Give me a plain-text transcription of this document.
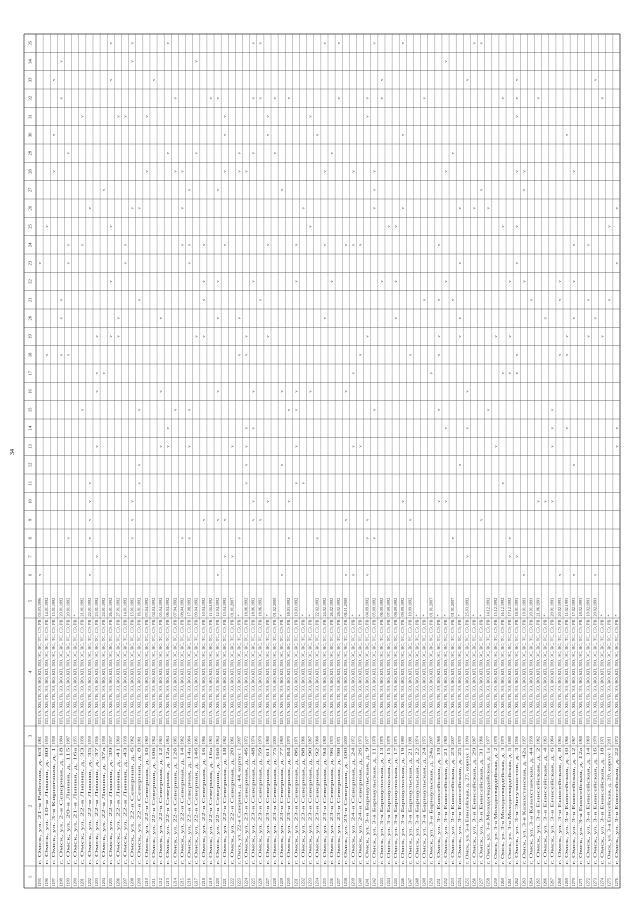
1
2
3
4
5
6
7
8
9
10
11
12
13
14
15
16
17
18
19
20
21
22
23
24
25
26
27
28
29
30
31
32
33
34
35
1195
г. Омск, ул. 21-я Рабочая, д. 63
1961
ПЛ, ГА, ХВ, ГВ, ЭЭ, ВО, КП, ПО, ЭС, ВС, ТС, СЭ, РВ
05.03.1996
1196
г. Омск, ул. 10-я Линия, д. 80
1950
ПЛ, ГА, ХВ, ГВ, ЭЭ, ВО, КП, ПО, ЭС, ВС, ТС, СЭ, РВ
14.01.1992
1197
г. Омск, ул. 3-я Кирпичная, д. 1
1958
ПЛ, ГА, ХВ, ГВ, ЭЭ, ВО, КП, ПО, ЭС, ВС, ТС, СЭ, РВ
15.01.1992
1198
г. Омск, ул. 2-я Северная, д. 18
1984
ПЛ, ГА, ХВ, ГВ, ЭЭ, ВО, КП, ПО, ЭС, ВС, ТС, СЭ, РВ
20.01.1992
1199
г. Омск, ул. 20-я Линия, д. 115
1987
ПЛ, ГА, ХВ, ГВ, ЭЭ, ВО, КП, ПО, ЭС, ВС, ТС, СЭ, РВ
20.01.1992
1200
г. Омск, ул. 21-я Линия, д. 16а
1955
ПЛ, ГА, ХВ, ГВ, ЭЭ, ВО, КП, ПО, ЭС, ВС, ТС, СЭ, РВ
*
1201
г. Омск, ул. 22-я Линия, д. 33
1958
ПЛ, ГА, ХВ, ГВ, ЭЭ, ВО, КП, ПО, ЭС, ВС, ТС, СЭ, РВ
21.01.1992
1202
г. Омск, ул. 22-я Линия, д. 35
1959
ПЛ, ГА, ХВ, ГВ, ЭЭ, ВО, КП, ПО, ЭС, ВС, ТС, СЭ, РВ
22.01.1992
1203
г. Омск, ул. 22-я Линия, д. 37
1956
ПЛ, ГА, ХВ, ГВ, ЭЭ, ВО, КП, ПО, ЭС, ВС, ТС, СЭ, РВ
23.01.1992
1204
г. Омск, ул. 22-я Линия, д. 37а
1958
ПЛ, ГА, ХВ, ГВ, ЭЭ, ВО, КП, ПО, ЭС, ВС, ТС, СЭ, РВ
24.01.1992
1205
г. Омск, ул. 22-я Линия, д. 39
1957
ПЛ, ГА, ХВ, ГВ, ЭЭ, ВО, КП, ПО, ЭС, ВС, ТС, СЭ, РВ
26.01.1992
1206
г. Омск, ул. 22-я Линия, д. 41
1960
ПЛ, ГА, ХВ, ГВ, ЭЭ, ВО, КП, ПО, ЭС, ВС, ТС, СЭ, РВ
27.01.1992
1207
г. Омск, ул. 22-я Линия, д. 43
1958
ПЛ, ГА, ХВ, ГВ, ЭЭ, ВО, КП, ПО, ЭС, ВС, ТС, СЭ, РВ
14.01.1992
1208
г. Омск, ул. 22-я Северная, д. 6
1962
ПЛ, ГА, ХВ, ГВ, ЭЭ, ВО, КП, ПО, ЭС, ВС, ТС, СЭ, РВ
15.01.1992
1209
г. Омск, ул. 22-я Северная, д. 8
1961
ПЛ, ГА, ХВ, ГВ, ЭЭ, ВО, КП, ПО, ЭС, ВС, ТС, СЭ, РВ
16.01.1992
1210
г. Омск, ул. 22-я Северная, д. 10
1960
ПЛ, ГА, ХВ, ГВ, ЭЭ, ВО, КП, ПО, ЭС, ВС, ТС, СЭ, РВ
03.04.1992
1211
г. Омск, ул. 22-я Северная, д. 10б
1962
ПЛ, ГА, ХВ, ГВ, ЭЭ, ВО, КП, ПО, ЭС, ВС, ТС, СЭ, РВ
04.04.1992
1212
г. Омск, ул. 22-я Северная, д. 12
1963
ПЛ, ГА, ХВ, ГВ, ЭЭ, ВО, КП, ПО, ЭС, ВС, ТС, СЭ, РВ
05.04.1992
1213
г. Омск, ул. 22-я Северная, д. 12а
1964
ПЛ, ГА, ХВ, ГВ, ЭЭ, ВО, КП, ПО, ЭС, ВС, ТС, СЭ, РВ
06.04.1992
1214
г. Омск, ул. 22-я Северная, д. 12б
1965
ПЛ, ГА, ХВ, ГВ, ЭЭ, ВО, КП, ПО, ЭС, ВС, ТС, СЭ, РВ
07.04.1992
1215
г. Омск, ул. 22-я Северная, д. 14
1962
ПЛ, ГА, ХВ, ГВ, ЭЭ, ВО, КП, ПО, ЭС, ВС, ТС, СЭ, РВ
08.04.1992
1216
г. Омск, ул. 22-я Северная, д. 14а
1964
ПЛ, ГА, ХВ, ГВ, ЭЭ, ВО, КП, ПО, ЭС, ВС, ТС, СЭ, РВ
17.08.1992
1217
г. Омск, ул. 22-я Северная, д. 14б
1965
ПЛ, ГА, ХВ, ГВ, ЭЭ, ВО, КП, ПО, ЭС, ВС, ТС, СЭ, РВ
09.04.1992
1218
г. Омск, ул. 22-я Северная, д. 16
1966
ПЛ, ГА, ХВ, ГВ, ЭЭ, ВО, КП, ПО, ЭС, ВС, ТС, СЭ, РВ
10.04.1992
1219
г. Омск, ул. 22-я Северная, д. 16а
1963
ПЛ, ГА, ХВ, ГВ, ЭЭ, ВО, КП, ПО, ЭС, ВС, ТС, СЭ, РВ
11.04.1992
1220
г. Омск, ул. 22-я Северная, д. 16б
1964
ПЛ, ГА, ХВ, ГВ, ЭЭ, ВО, КП, ПО, ЭС, ВС, ТС, СЭ, РВ
12.04.1992
1221
г. Омск, ул. 22-я Северная, д. 18
1962
ПЛ, ГА, ХВ, ГВ, ЭЭ, ВО, КП, ПО, ЭС, ВС, ТС, СЭ, РВ
13.04.1992
1222
г. Омск, ул. 22-я Северная, д. 20
1961
ПЛ, ГА, ХВ, ГВ, ЭЭ, ВО, КП, ПО, ЭС, ВС, ТС, СЭ, РВ
01.01.2007
1223
г. Омск, ул. 22-я Северная, д. 44, корпус 1
2007
ПЛ, ГА, ХВ, ГВ, ЭЭ, ВО, КП, ПО, ЭС, ВС, ТС, СЭ, РВ
*
1224
г. Омск, ул. 23-я Северная, д. 46
1972
ПЛ, ГА, ХВ, ГВ, ЭЭ, ВО, КП, ПО, ЭС, ВС, ТС, СЭ, РВ
18.06.1992
1225
г. Омск, ул. 23-я Северная, д. 48
1974
ПЛ, ГА, ХВ, ГВ, ЭЭ, ВО, КП, ПО, ЭС, ВС, ТС, СЭ, РВ
18.06.1992
1226
г. Омск, ул. 23-я Северная, д. 59
1970
ПЛ, ГА, ХВ, ГВ, ЭЭ, ВО, КП, ПО, ЭС, ВС, ТС, СЭ, РВ
18.06.1992
1227
г. Омск, ул. 23-я Северная, д. 61
1968
ПЛ, ГА, ХВ, ГВ, ЭЭ, ВО, КП, ПО, ЭС, ВС, ТС, СЭ, РВ
*
1228
г. Омск, ул. 23-я Северная, д. 75
2000
ПЛ, ГА, ХВ, ГВ, ЭЭ, ВО, КП, ПО, ЭС, ВС, ТС, СЭ, РВ
01.02.2000
1229
г. Омск, ул. 23-я Северная, д. 77
1969
ПЛ, ГА, ХВ, ГВ, ЭЭ, ВО, КП, ПО, ЭС, ВС, ТС, СЭ, РВ
*
1230
г. Омск, ул. 23-я Северная, д. 84
1970
ПЛ, ГА, ХВ, ГВ, ЭЭ, ВО, КП, ПО, ЭС, ВС, ТС, СЭ, РВ
18.03.1992
1231
г. Омск, ул. 23-я Северная, д. 86
1971
ПЛ, ГА, ХВ, ГВ, ЭЭ, ВО, КП, ПО, ЭС, ВС, ТС, СЭ, РВ
19.03.1992
1232
г. Омск, ул. 23-я Северная, д. 88
1966
ПЛ, ГА, ХВ, ГВ, ЭЭ, ВО, КП, ПО, ЭС, ВС, ТС, СЭ, РВ
*
1233
г. Омск, ул. 23-я Северная, д. 90
1967
ПЛ, ГА, ХВ, ГВ, ЭЭ, ВО, КП, ПО, ЭС, ВС, ТС, СЭ, РВ
*
1234
г. Омск, ул. 23-я Северная, д. 92
1968
ПЛ, ГА, ХВ, ГВ, ЭЭ, ВО, КП, ПО, ЭС, ВС, ТС, СЭ, РВ
22.02.1992
1235
г. Омск, ул. 23-я Северная, д. 94
1969
ПЛ, ГА, ХВ, ГВ, ЭЭ, ВО, КП, ПО, ЭС, ВС, ТС, СЭ, РВ
24.02.1992
1236
г. Омск, ул. 23-я Северная, д. 96
1970
ПЛ, ГА, ХВ, ГВ, ЭЭ, ВО, КП, ПО, ЭС, ВС, ТС, СЭ, РВ
26.02.1992
1237
г. Омск, ул. 23-я Северная, д. 98
1971
ПЛ, ГА, ХВ, ГВ, ЭЭ, ВО, КП, ПО, ЭС, ВС, ТС, СЭ, РВ
28.02.1992
1238
г. Омск, ул. 23-я Северная, д. 100
2000
ПЛ, ГА, ХВ, ГВ, ЭЭ, ВО, КП, ПО, ЭС, ВС, ТС, СЭ, РВ
06.11.2000
1239
г. Омск, ул. 24-я Северная, д. 24
1972
ПЛ, ГА, ХВ, ГВ, ЭЭ, ВО, КП, ПО, ЭС, ВС, ТС, СЭ, РВ
*
1240
г. Омск, ул. 24-я Северная, д. 26
1973
ПЛ, ГА, ХВ, ГВ, ЭЭ, ВО, КП, ПО, ЭС, ВС, ТС, СЭ, РВ
*
1241
г. Омск, ул. 3-я Барнаульская, д. 9
1977
ПЛ, ГА, ХВ, ГВ, ЭЭ, ВО, КП, ПО, ЭС, ВС, ТС, СЭ, РВ
04.09.1992
1242
г. Омск, ул. 3-я Барнаульская, д. 11
1978
ПЛ, ГА, ХВ, ГВ, ЭЭ, ВО, КП, ПО, ЭС, ВС, ТС, СЭ, РВ
05.09.1992
1243
г. Омск, ул. 3-я Барнаульская, д. 13
1976
ПЛ, ГА, ХВ, ГВ, ЭЭ, ВО, КП, ПО, ЭС, ВС, ТС, СЭ, РВ
06.09.1992
1244
г. Омск, ул. 3-я Барнаульская, д. 15
1979
ПЛ, ГА, ХВ, ГВ, ЭЭ, ВО, КП, ПО, ЭС, ВС, ТС, СЭ, РВ
07.09.1992
1245
г. Омск, ул. 3-я Барнаульская, д. 17
1975
ПЛ, ГА, ХВ, ГВ, ЭЭ, ВО, КП, ПО, ЭС, ВС, ТС, СЭ, РВ
08.09.1992
1246
г. Омск, ул. 3-я Барнаульская, д. 19
1980
ПЛ, ГА, ХВ, ГВ, ЭЭ, ВО, КП, ПО, ЭС, ВС, ТС, СЭ, РВ
09.09.1992
1247
г. Омск, ул. 3-я Барнаульская, д. 21
1981
ПЛ, ГА, ХВ, ГВ, ЭЭ, ВО, КП, ПО, ЭС, ВС, ТС, СЭ, РВ
10.09.1992
1248
г. Омск, ул. 3-я Барнаульская, д. 22
1974
ПЛ, ГА, ХВ, ГВ, ЭЭ, ВО, КП, ПО, ЭС, ВС, ТС, СЭ, РВ
*
1249
г. Омск, ул. 3-я Барнаульская, д. 24
1975
ПЛ, ГА, ХВ, ГВ, ЭЭ, ВО, КП, ПО, ЭС, ВС, ТС, СЭ, РВ
*
1250
г. Омск, ул. 3-я Барнаульская, д. 24а
2007
ПЛ, ГА, ХВ, ГВ, ЭЭ, ВО, КП, ПО, ЭС, ВС, ТС, СЭ, РВ
01.01.2007
1251
г. Омск, ул. 3-я Енисейская, д. 19
1968
ПЛ, ГА, ХВ, ГВ, ЭЭ, ВО, КП, ПО, ЭС, ВС, ТС, СЭ, РВ
*
1252
г. Омск, ул. 3-я Енисейская, д. 21
1969
ПЛ, ГА, ХВ, ГВ, ЭЭ, ВО, КП, ПО, ЭС, ВС, ТС, СЭ, РВ
*
1253
г. Омск, ул. 3-я Енисейская, д. 23
2007
ПЛ, ГА, ХВ, ГВ, ЭЭ, ВО, КП, ПО, ЭС, ВС, ТС, СЭ, РВ
01.01.2007
1254
г. Омск, ул. 3-я Енисейская, д. 25
1970
ПЛ, ГА, ХВ, ГВ, ЭЭ, ВО, КП, ПО, ЭС, ВС, ТС, СЭ, РВ
*
1255
г. Омск, ул. 3-я Енисейская, д. 27, корпус 1
1994
ПЛ, ГА, ХВ, ГВ, ЭЭ, ВО, КП, ПО, ЭС, ВС, ТС, СЭ, РВ
25.03.1992
1256
г. Омск, ул. 3-я Енисейская, д. 29
1967
ПЛ, ГА, ХВ, ГВ, ЭЭ, ВО, КП, ПО, ЭС, ВС, ТС, СЭ, РВ
*
1257
г. Омск, ул. 3-я Енисейская, д. 31
1966
ПЛ, ГА, ХВ, ГВ, ЭЭ, ВО, КП, ПО, ЭС, ВС, ТС, СЭ, РВ
*
1258
г. Омск, ул. 3-я Молодогвардейская, д. 1а
1977
ПЛ, ГА, ХВ, ГВ, ЭЭ, ВО, КП, ПО, ЭС, ВС, ТС, СЭ, РВ
14.12.1992
1259
г. Омск, ул. 3-я Молодогвардейская, д. 2
1978
ПЛ, ГА, ХВ, ГВ, ЭЭ, ВО, КП, ПО, ЭС, ВС, ТС, СЭ, РВ
15.12.1992
1260
г. Омск, ул. 3-я Молодогвардейская, д. 3
1979
ПЛ, ГА, ХВ, ГВ, ЭЭ, ВО, КП, ПО, ЭС, ВС, ТС, СЭ, РВ
16.12.1992
1261
г. Омск, ул. 3-я Молодогвардейская, д. 5
1980
ПЛ, ГА, ХВ, ГВ, ЭЭ, ВО, КП, ПО, ЭС, ВС, ТС, СЭ, РВ
17.12.1992
1262
г. Омск, ул. 3-я Энтузиастов, д. 3
1956
ПЛ, ГА, ХВ, ГВ, ЭЭ, ВО, КП, ПО, ЭС, ВС, ТС, СЭ, РВ
18.01.1993
1263
г. Омск, ул. 3-я Казахстанская, д. 42а
1957
ПЛ, ГА, ХВ, ГВ, ЭЭ, ВО, КП, ПО, ЭС, ВС, ТС, СЭ, РВ
19.01.1993
1264
г. Омск, ул. 3-я Казахстанская, д. 44
1958
ПЛ, ГА, ХВ, ГВ, ЭЭ, ВО, КП, ПО, ЭС, ВС, ТС, СЭ, РВ
20.01.1993
1265
г. Омск, ул. 3-я Енисейская, д. 2
1962
ПЛ, ГА, ХВ, ГВ, ЭЭ, ВО, КП, ПО, ЭС, ВС, ТС, СЭ, РВ
21.06.1993
1266
г. Омск, ул. 3-я Енисейская, д. 4
1963
ПЛ, ГА, ХВ, ГВ, ЭЭ, ВО, КП, ПО, ЭС, ВС, ТС, СЭ, РВ
*
1267
г. Омск, ул. 3-я Енисейская, д. 6
1964
ПЛ, ГА, ХВ, ГВ, ЭЭ, ВО, КП, ПО, ЭС, ВС, ТС, СЭ, РВ
20.01.1993
1268
г. Омск, ул. 3-я Енисейская, д. 8
1965
ПЛ, ГА, ХВ, ГВ, ЭЭ, ВО, КП, ПО, ЭС, ВС, ТС, СЭ, РВ
20.02.1993
1269
г. Омск, ул. 3-я Енисейская, д. 10
1966
ПЛ, ГА, ХВ, ГВ, ЭЭ, ВО, КП, ПО, ЭС, ВС, ТС, СЭ, РВ
11.02.1993
1270
г. Омск, ул. 3-я Енисейская, д. 12
1967
ПЛ, ГА, ХВ, ГВ, ЭЭ, ВО, КП, ПО, ЭС, ВС, ТС, СЭ, РВ
17.02.1993
1271
г. Омск, ул. 3-я Енисейская, д. 12а
1968
ПЛ, ГА, ХВ, ГВ, ЭЭ, ВО, КП, ПО, ЭС, ВС, ТС, СЭ, РВ
18.02.1993
1272
г. Омск, ул. 3-я Енисейская, д. 14
1969
ПЛ, ГА, ХВ, ГВ, ЭЭ, ВО, КП, ПО, ЭС, ВС, ТС, СЭ, РВ
19.02.1993
1273
г. Омск, ул. 3-я Енисейская, д. 16
1970
ПЛ, ГА, ХВ, ГВ, ЭЭ, ВО, КП, ПО, ЭС, ВС, ТС, СЭ, РВ
20.02.1993
1274
г. Омск, ул. 3-я Енисейская, д. 18
1971
ПЛ, ГА, ХВ, ГВ, ЭЭ, ВО, КП, ПО, ЭС, ВС, ТС, СЭ, РВ
*
1275
г. Омск, ул. 3-я Енисейская, д. 20, корпус 1
2011
ПЛ, ГА, ХВ, ГВ, ЭЭ, ВО, КП, ПО, ЭС, ВС, ТС, СЭ, РВ
*
1276
г. Омск, ул. 3-я Енисейская, д. 22
1972
ПЛ, ГА, ХВ, ГВ, ЭЭ, ВО, КП, ПО, ЭС, ВС, ТС, СЭ, РВ
*
v
v
v
v
v
v
v
v
v
v
v
v
v
v
v
v
v
v
v
v
v
v
v
v
v
v
v
v
v
v
v
v
v
v
v
v
v
v
v
v
v
v
v
v
v
v
v
v
v
v
v
v
v
v
v
v
v
v
v
v
v
v
v
v
v
v
v
v
v
v
v
v
v
v
v
v
v
v
v
v
v
v
v
v
v
v
v
v
v
v
v
v
v
v
v
v
v
v
v
v
v
v
v
v
v
v
v
v
v
v
v
v
v
v
v
v
v
v
v
v
v
v
v
v
v
v
v
v
v
v
v
v
v
v
v
v
v
v
v
v
v
v
v
v
v
v
v
v
v
v
v
v
v
v
v
v
v
v
v
v
v
v
v
v
v
v
v
v
v
v
v
v
v
v
v
v
v
v
v
v
v
v
v
v
v
v
v
v
v
v
v
v
v
v
v
v
v
v
v
v
v
v
v
v
v
v
v
v
v
v
v
v
v
v
v
v
v
v
v
v
v
v
v
v
v
v
v
v
v
v
v
v
v
v
v
v
v
v
v
v
v
v
v
v
v
v
v
v
v
v
v
v
v
v
v
v
v
v
v
v
v
v
v
v
v
v
v
v
v
v
v
v
v
v
v
v
v
v
v
v
v
v
v
v
v
v
v
v
v
v
v
v
v
v
34
